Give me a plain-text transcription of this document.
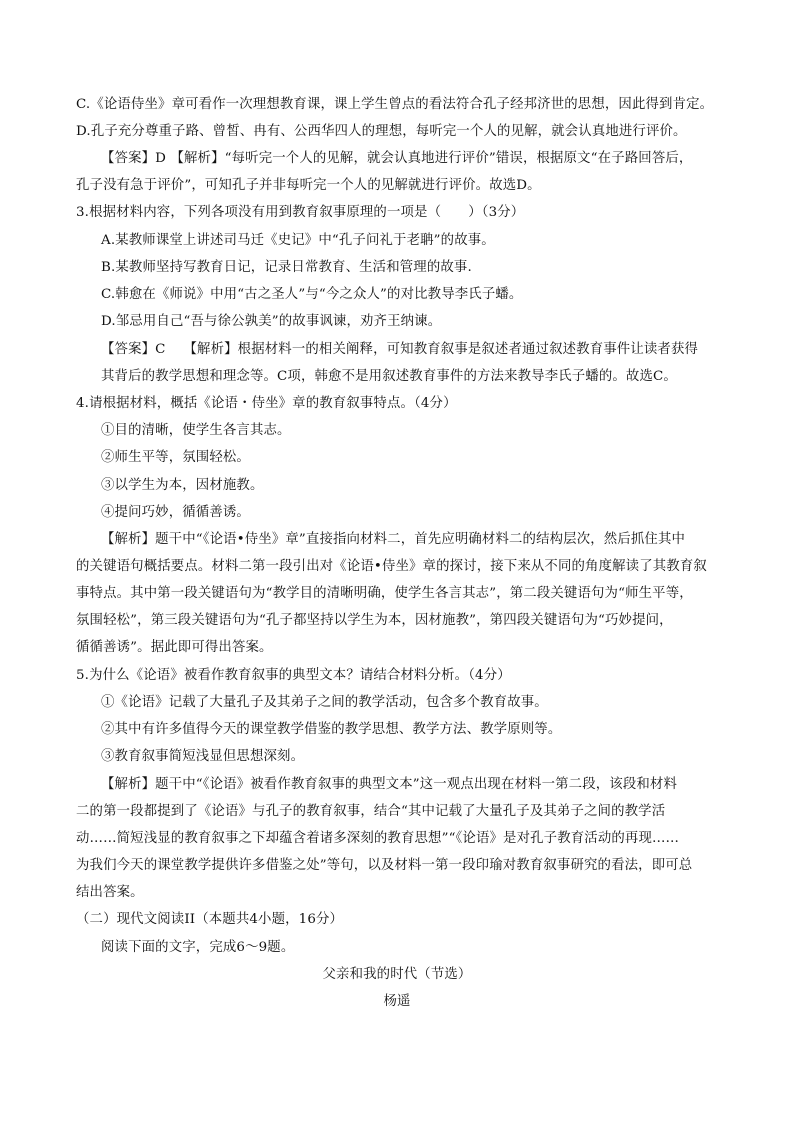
C.《论语侍坐》章可看作一次理想教育课，课上学生曾点的看法符合孔子经邦济世的思想，因此得到肯定。
D.孔子充分尊重子路、曾皙、冉有、公西华四人的理想，每听完一个人的见解，就会认真地进行评价。
【答案】D 【解析】“每听完一个人的见解，就会认真地进行评价”错误，根据原文“在子路回答后，
孔子没有急于评价”，可知孔子并非每听完一个人的见解就进行评价。故选D。
3.根据材料内容，下列各项没有用到教育叙事原理的一项是（　　）（3分）
A.某教师课堂上讲述司马迁《史记》中“孔子问礼于老聃”的故事。
B.某教师坚持写教育日记，记录日常教育、生活和管理的故事.
C.韩愈在《师说》中用“古之圣人”与“今之众人”的对比教导李氏子蟠。
D.邹忌用自己“吾与徐公孰美”的故事讽谏，劝齐王纳谏。
【答案】C　 【解析】根据材料一的相关阐释，可知教育叙事是叙述者通过叙述教育事件让读者获得
其背后的教学思想和理念等。C项，韩愈不是用叙述教育事件的方法来教导李氏子蟠的。故选C。
4.请根据材料，概括《论语・侍坐》章的教育叙事特点。（4分）
①目的清晰，使学生各言其志。
②师生平等，氛围轻松。
③以学生为本，因材施教。
④提问巧妙，循循善诱。
【解析】题干中“《论语•侍坐》章”直接指向材料二，首先应明确材料二的结构层次，然后抓住其中
的关键语句概括要点。材料二第一段引出对《论语•侍坐》章的探讨，接下来从不同的角度解读了其教育叙
事特点。其中第一段关键语句为“教学目的清晰明确，使学生各言其志”，第二段关键语句为“师生平等，
氛围轻松”，第三段关键语句为“孔子都坚持以学生为本，因材施教”，第四段关键语句为“巧妙提问，
循循善诱”。据此即可得出答案。
5.为什么《论语》被看作教育叙事的典型文本？请结合材料分析。（4分）
①《论语》记载了大量孔子及其弟子之间的教学活动，包含多个教育故事。
②其中有许多值得今天的课堂教学借鉴的教学思想、教学方法、教学原则等。
③教育叙事简短浅显但思想深刻。
【解析】题干中“《论语》被看作教育叙事的典型文本”这一观点出现在材料一第二段，该段和材料
二的第一段都提到了《论语》与孔子的教育叙事，结合“其中记载了大量孔子及其弟子之间的教学活
动……简短浅显的教育叙事之下却蕴含着诸多深刻的教育思想”“《论语》是对孔子教育活动的再现……
为我们今天的课堂教学提供许多借鉴之处”等句，以及材料一第一段印瑜对教育叙事研究的看法，即可总
结出答案。
（二）现代文阅读II（本题共4小题，16分）
阅读下面的文字，完成6～9题。
父亲和我的时代（节选）
杨遥
